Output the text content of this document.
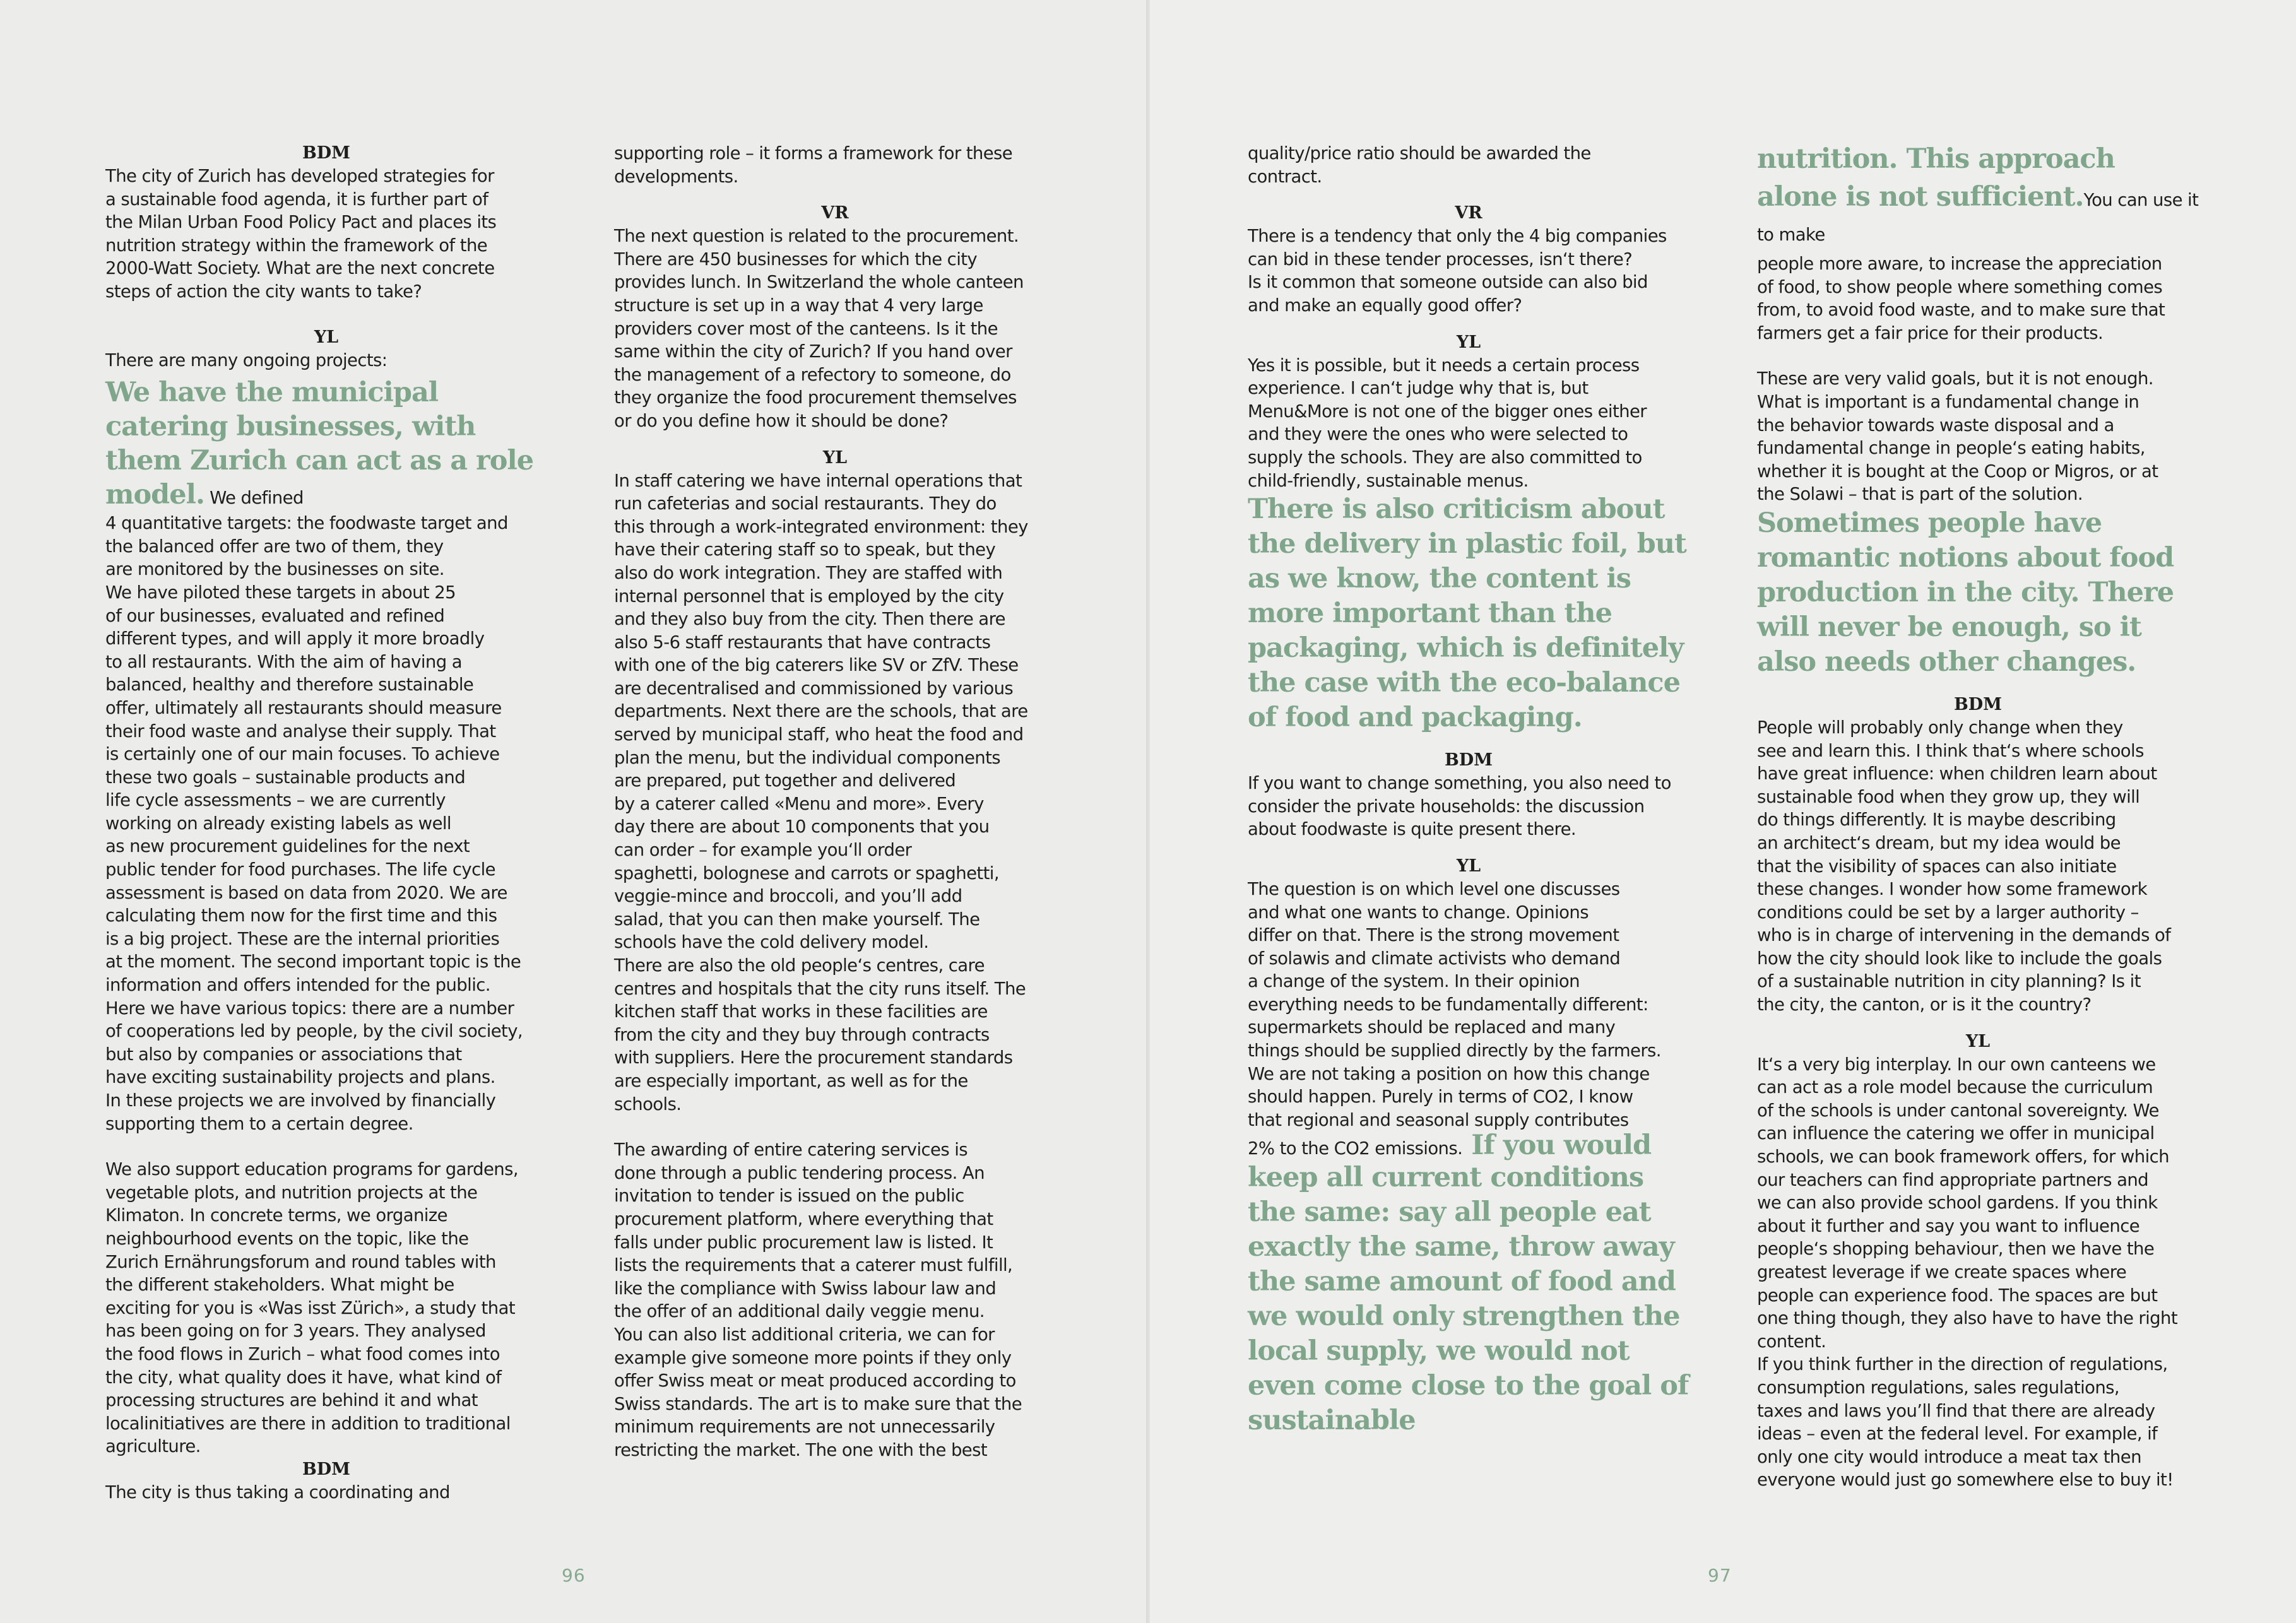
BDM

The city of Zurich has developed strategies for
a sustainable food agenda, it is further part of
the Milan Urban Food Policy Pact and places its
nutrition strategy within the framework of the
2000-Watt Society. What are the next concrete
steps of action the city wants to take?

YL

There are many ongoing projects:

We have the municipal catering businesses, with them Zurich can act as a role model. We defined

4 quantitative targets: the foodwaste target and
the balanced offer are two of them, they
are monitored by the businesses on site.
We have piloted these targets in about 25
of our businesses, evaluated and refined
different types, and will apply it more broadly
to all restaurants. With the aim of having a
balanced, healthy and therefore sustainable
offer, ultimately all restaurants should measure
their food waste and analyse their supply. That
is certainly one of our main focuses. To achieve
these two goals – sustainable products and
life cycle assessments – we are currently
working on already existing labels as well
as new procurement guidelines for the next
public tender for food purchases. The life cycle
assessment is based on data from 2020. We are
calculating them now for the first time and this
is a big project. These are the internal priorities
at the moment. The second important topic is the
information and offers intended for the public.
Here we have various topics: there are a number
of cooperations led by people, by the civil society,
but also by companies or associations that
have exciting sustainability projects and plans.
In these projects we are involved by financially
supporting them to a certain degree.

We also support education programs for gardens,
vegetable plots, and nutrition projects at the
Klimaton. In concrete terms, we organize
neighbourhood events on the topic, like the
Zurich Ernährungsforum and round tables with
the different stakeholders. What might be
exciting for you is «Was isst Zürich», a study that
has been going on for 3 years. They analysed
the food flows in Zurich – what food comes into
the city, what quality does it have, what kind of
processing structures are behind it and what
localinitiatives are there in addition to traditional
agriculture.

BDM

The city is thus taking a coordinating and

supporting role – it forms a framework for these
developments.

VR

The next question is related to the procurement.
There are 450 businesses for which the city
provides lunch. In Switzerland the whole canteen
structure is set up in a way that 4 very large
providers cover most of the canteens. Is it the
same within the city of Zurich? If you hand over
the management of a refectory to someone, do
they organize the food procurement themselves
or do you define how it should be done?

YL

In staff catering we have internal operations that
run cafeterias and social restaurants. They do
this through a work-integrated environment: they
have their catering staff so to speak, but they
also do work integration. They are staffed with
internal personnel that is employed by the city
and they also buy from the city. Then there are
also 5-6 staff restaurants that have contracts
with one of the big caterers like SV or ZfV. These
are decentralised and commissioned by various
departments. Next there are the schools, that are
served by municipal staff, who heat the food and
plan the menu, but the individual components
are prepared, put together and delivered
by a caterer called «Menu and more». Every
day there are about 10 components that you
can order – for example you‘ll order
spaghetti, bolognese and carrots or spaghetti,
veggie-mince and broccoli, and you’ll add
salad, that you can then make yourself. The
schools have the cold delivery model.
There are also the old people‘s centres, care
centres and hospitals that the city runs itself. The
kitchen staff that works in these facilities are
from the city and they buy through contracts
with suppliers. Here the procurement standards
are especially important, as well as for the
schools.

The awarding of entire catering services is
done through a public tendering process. An
invitation to tender is issued on the public
procurement platform, where everything that
falls under public procurement law is listed. It
lists the requirements that a caterer must fulfill,
like the compliance with Swiss labour law and
the offer of an additional daily veggie menu.
You can also list additional criteria, we can for
example give someone more points if they only
offer Swiss meat or meat produced according to
Swiss standards. The art is to make sure that the
minimum requirements are not unnecessarily
restricting the market. The one with the best

quality/price ratio should be awarded the
contract.

VR

There is a tendency that only the 4 big companies
can bid in these tender processes, isn‘t there?
Is it common that someone outside can also bid
and make an equally good offer?

YL

Yes it is possible, but it needs a certain process
experience. I can‘t judge why that is, but
Menu&More is not one of the bigger ones either
and they were the ones who were selected to
supply the schools. They are also committed to
child-friendly, sustainable menus.

There is also criticism about the delivery in plastic foil, but as we know, the content is more important than the packaging, which is definitely the case with the eco-balance of food and packaging.

BDM

If you want to change something, you also need to
consider the private households: the discussion
about foodwaste is quite present there.

YL

The question is on which level one discusses
and what one wants to change. Opinions
differ on that. There is the strong movement
of solawis and climate activists who demand
a change of the system. In their opinion
everything needs to be fundamentally different:
supermarkets should be replaced and many
things should be supplied directly by the farmers.
We are not taking a position on how this change
should happen. Purely in terms of CO2, I know
that regional and seasonal supply contributes

2% to the CO2 emissions. If you would

keep all current conditions the same: say all people eat exactly the same, throw away the same amount of food and we would only strengthen the local supply, we would not even come close to the goal of sustainable

nutrition. This approach alone is not sufficient.You can use it to make

people more aware, to increase the appreciation
of food, to show people where something comes
from, to avoid food waste, and to make sure that
farmers get a fair price for their products.

These are very valid goals, but it is not enough.
What is important is a fundamental change in
the behavior towards waste disposal and a
fundamental change in people‘s eating habits,
whether it is bought at the Coop or Migros, or at
the Solawi – that is part of the solution.

Sometimes people have romantic notions about food production in the city. There will never be enough, so it also needs other changes.

BDM

People will probably only change when they
see and learn this. I think that‘s where schools
have great influence: when children learn about
sustainable food when they grow up, they will
do things differently. It is maybe describing
an architect‘s dream, but my idea would be
that the visibility of spaces can also initiate
these changes. I wonder how some framework
conditions could be set by a larger authority –
who is in charge of intervening in the demands of
how the city should look like to include the goals
of a sustainable nutrition in city planning? Is it
the city, the canton, or is it the country?

YL

It‘s a very big interplay. In our own canteens we
can act as a role model because the curriculum
of the schools is under cantonal sovereignty. We
can influence the catering we offer in municipal
schools, we can book framework offers, for which
our teachers can find appropriate partners and
we can also provide school gardens. If you think
about it further and say you want to influence
people‘s shopping behaviour, then we have the
greatest leverage if we create spaces where
people can experience food. The spaces are but
one thing though, they also have to have the right
content.
If you think further in the direction of regulations,
consumption regulations, sales regulations,
taxes and laws you’ll find that there are already
ideas – even at the federal level. For example, if
only one city would introduce a meat tax then
everyone would just go somewhere else to buy it!

96	97
